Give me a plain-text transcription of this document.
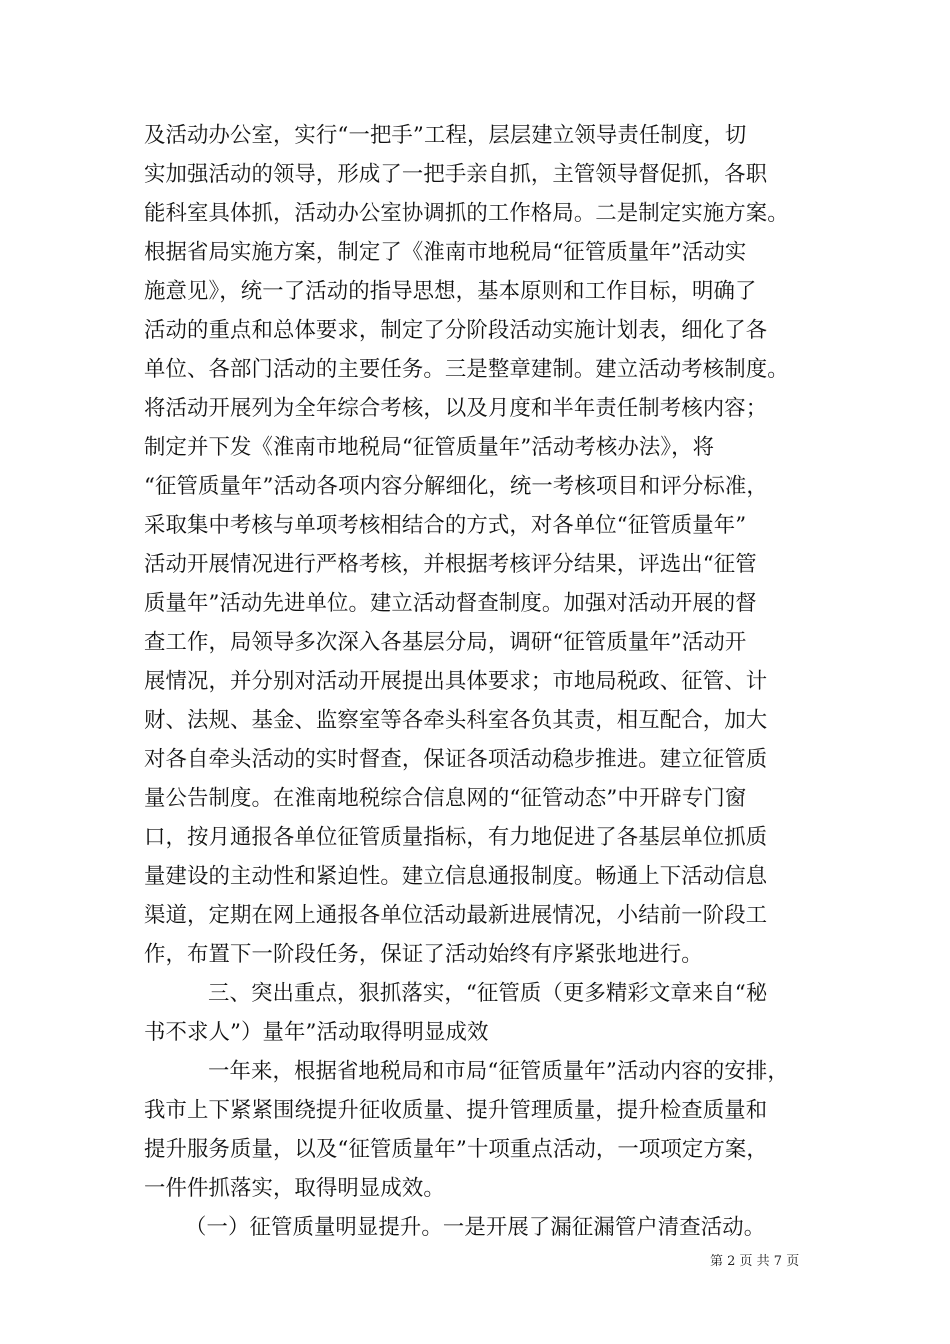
及活动办公室，实行“一把手”工程，层层建立领导责任制度，切
实加强活动的领导，形成了一把手亲自抓，主管领导督促抓，各职
能科室具体抓，活动办公室协调抓的工作格局。二是制定实施方案。
根据省局实施方案，制定了《淮南市地税局“征管质量年”活动实
施意见》，统一了活动的指导思想，基本原则和工作目标，明确了
活动的重点和总体要求，制定了分阶段活动实施计划表，细化了各
单位、各部门活动的主要任务。三是整章建制。建立活动考核制度。
将活动开展列为全年综合考核，以及月度和半年责任制考核内容；
制定并下发《淮南市地税局“征管质量年”活动考核办法》，将
“征管质量年”活动各项内容分解细化，统一考核项目和评分标准，
采取集中考核与单项考核相结合的方式，对各单位“征管质量年”
活动开展情况进行严格考核，并根据考核评分结果，评选出“征管
质量年”活动先进单位。建立活动督查制度。加强对活动开展的督
查工作，局领导多次深入各基层分局，调研“征管质量年”活动开
展情况，并分别对活动开展提出具体要求；市地局税政、征管、计
财、法规、基金、监察室等各牵头科室各负其责，相互配合，加大
对各自牵头活动的实时督查，保证各项活动稳步推进。建立征管质
量公告制度。在淮南地税综合信息网的“征管动态”中开辟专门窗
口，按月通报各单位征管质量指标，有力地促进了各基层单位抓质
量建设的主动性和紧迫性。建立信息通报制度。畅通上下活动信息
渠道，定期在网上通报各单位活动最新进展情况，小结前一阶段工
作，布置下一阶段任务，保证了活动始终有序紧张地进行。
三、突出重点，狠抓落实，“征管质（更多精彩文章来自“秘
书不求人”）量年”活动取得明显成效
一年来，根据省地税局和市局“征管质量年”活动内容的安排，
我市上下紧紧围绕提升征收质量、提升管理质量，提升检查质量和
提升服务质量，以及“征管质量年”十项重点活动，一项项定方案，
一件件抓落实，取得明显成效。
（一）征管质量明显提升。一是开展了漏征漏管户清查活动。
第 2 页 共 7 页
